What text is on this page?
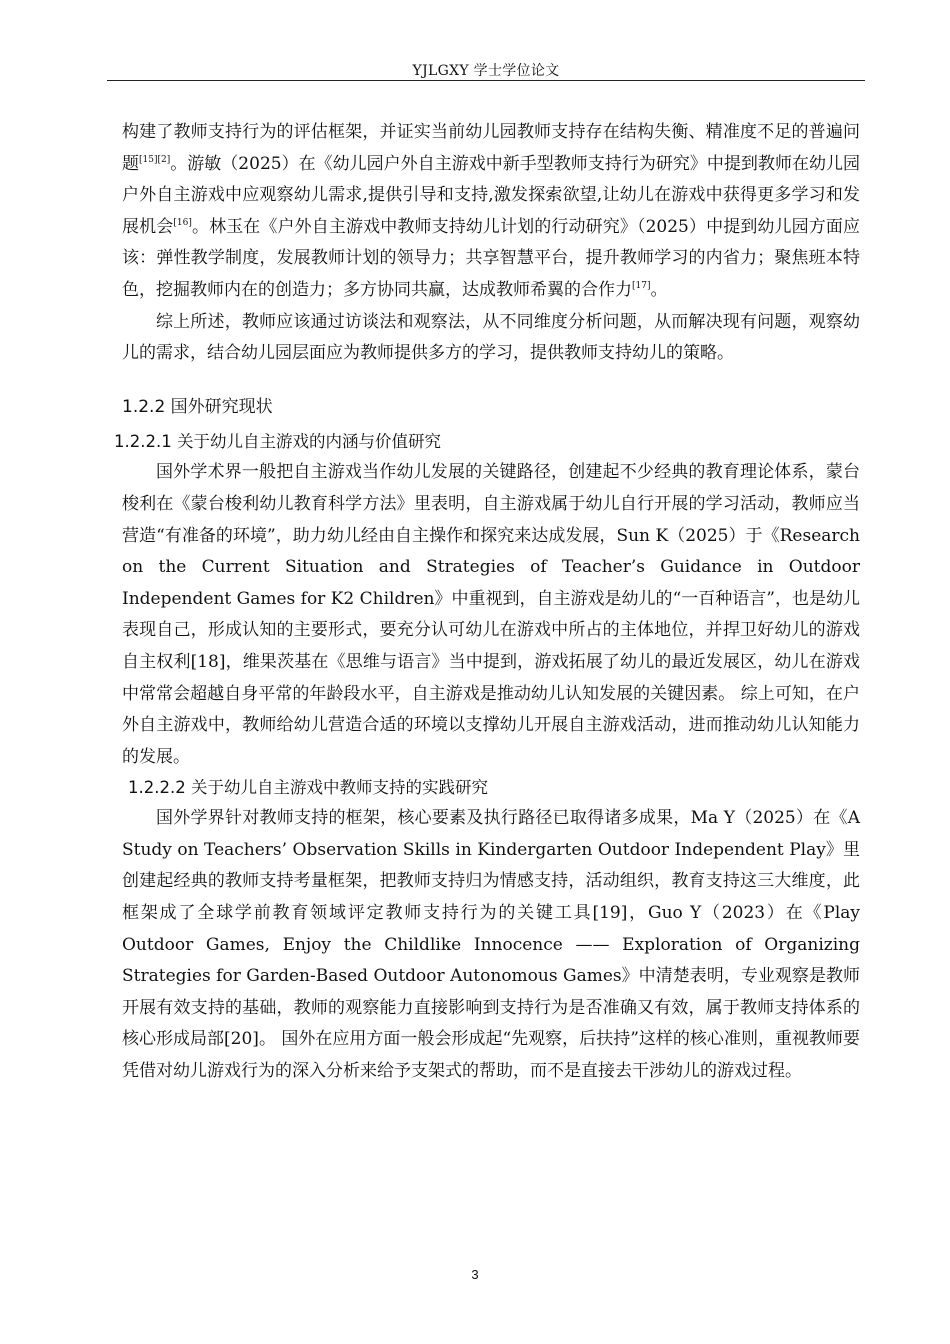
YJLGXY 学士学位论文

构建了教师支持行为的评估框架，并证实当前幼儿园教师支持存在结构失衡、精准度不足的普遍问题[15][2]。游敏（2025）在《幼儿园户外自主游戏中新手型教师支持行为研究》中提到教师在幼儿园户外自主游戏中应观察幼儿需求,提供引导和支持,激发探索欲望,让幼儿在游戏中获得更多学习和发展机会[16]。林玉在《户外自主游戏中教师支持幼儿计划的行动研究》（2025）中提到幼儿园方面应该：弹性教学制度，发展教师计划的领导力；共享智慧平台，提升教师学习的内省力；聚焦班本特色，挖掘教师内在的创造力；多方协同共赢，达成教师希翼的合作力[17]。

综上所述，教师应该通过访谈法和观察法，从不同维度分析问题，从而解决现有问题，观察幼儿的需求，结合幼儿园层面应为教师提供多方的学习，提供教师支持幼儿的策略。

1.2.2 国外研究现状
1.2.2.1 关于幼儿自主游戏的内涵与价值研究

国外学术界一般把自主游戏当作幼儿发展的关键路径，创建起不少经典的教育理论体系，蒙台梭利在《蒙台梭利幼儿教育科学方法》里表明，自主游戏属于幼儿自行开展的学习活动，教师应当营造“有准备的环境”，助力幼儿经由自主操作和探究来达成发展，Sun K（2025）于《Research on the Current Situation and Strategies of Teacher’s Guidance in Outdoor Independent Games for K2 Children》中重视到，自主游戏是幼儿的“一百种语言”，也是幼儿表现自己，形成认知的主要形式，要充分认可幼儿在游戏中所占的主体地位，并捍卫好幼儿的游戏自主权利[18]，维果茨基在《思维与语言》当中提到，游戏拓展了幼儿的最近发展区，幼儿在游戏中常常会超越自身平常的年龄段水平，自主游戏是推动幼儿认知发展的关键因素。 综上可知，在户外自主游戏中，教师给幼儿营造合适的环境以支撑幼儿开展自主游戏活动，进而推动幼儿认知能力的发展。

1.2.2.2 关于幼儿自主游戏中教师支持的实践研究

国外学界针对教师支持的框架，核心要素及执行路径已取得诸多成果，Ma Y（2025）在《A Study on Teachers’ Observation Skills in Kindergarten Outdoor Independent Play》里创建起经典的教师支持考量框架，把教师支持归为情感支持，活动组织，教育支持这三大维度，此框架成了全球学前教育领域评定教师支持行为的关键工具[19]，Guo Y（2023）在《Play Outdoor Games, Enjoy the Childlike Innocence —— Exploration of Organizing Strategies for Garden-Based Outdoor Autonomous Games》中清楚表明，专业观察是教师开展有效支持的基础，教师的观察能力直接影响到支持行为是否准确又有效，属于教师支持体系的核心形成局部[20]。 国外在应用方面一般会形成起“先观察，后扶持”这样的核心准则，重视教师要凭借对幼儿游戏行为的深入分析来给予支架式的帮助，而不是直接去干涉幼儿的游戏过程。

3
